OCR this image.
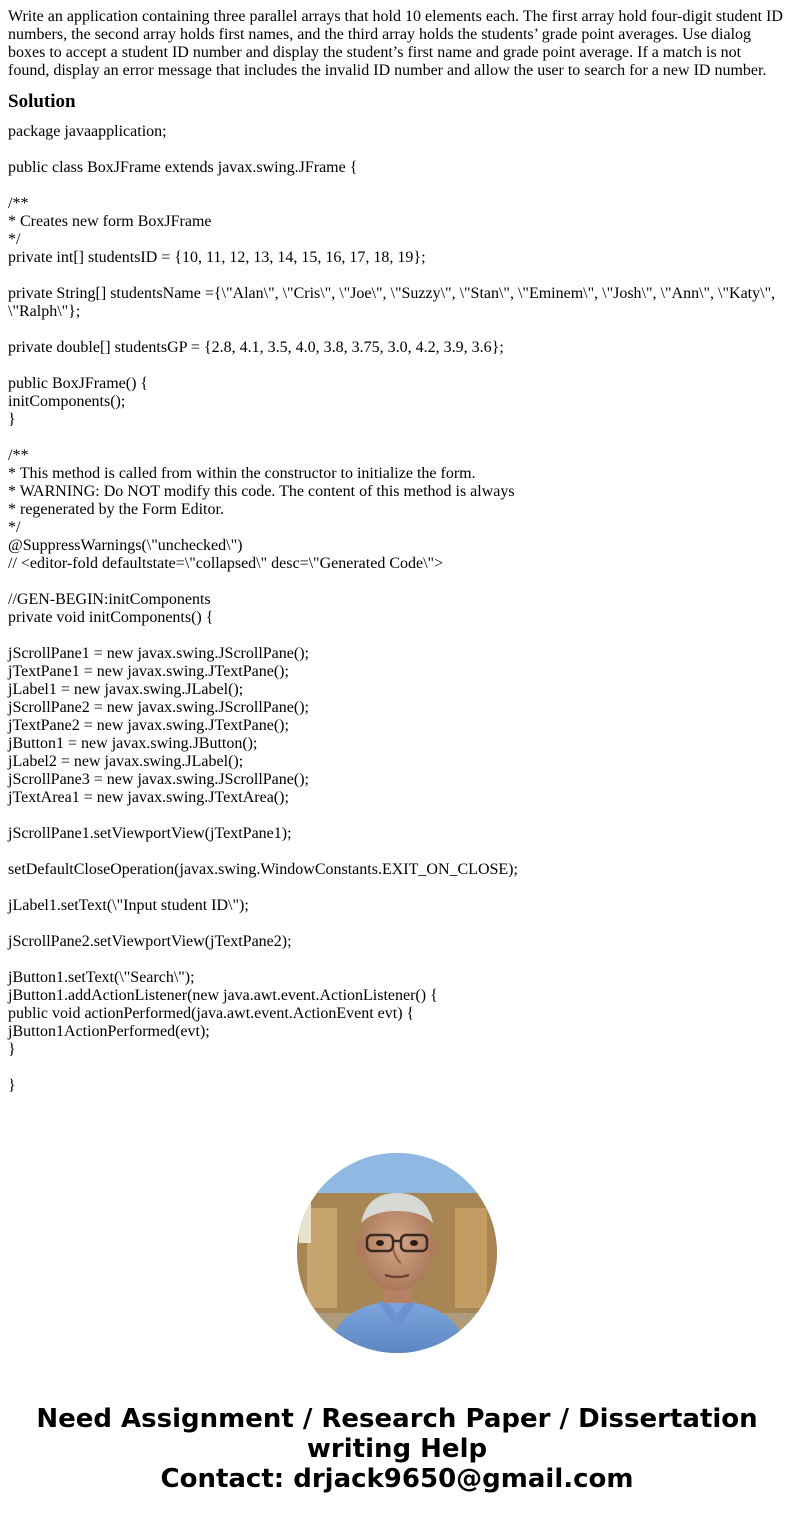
Write an application containing three parallel arrays that hold 10 elements each. The first array hold four-digit student ID numbers, the second array holds first names, and the third array holds the students’ grade point averages. Use dialog boxes to accept a student ID number and display the student’s first name and grade point average. If a match is not found, display an error message that includes the invalid ID number and allow the user to search for a new ID number.

Solution
package javaapplication;
public class BoxJFrame extends javax.swing.JFrame {
/**
* Creates new form BoxJFrame
*/
private int[] studentsID = {10, 11, 12, 13, 14, 15, 16, 17, 18, 19};
private String[] studentsName ={\"Alan\", \"Cris\", \"Joe\", \"Suzzy\", \"Stan\", \"Eminem\", \"Josh\", \"Ann\", \"Katy\", \"Ralph\"};
private double[] studentsGP = {2.8, 4.1, 3.5, 4.0, 3.8, 3.75, 3.0, 4.2, 3.9, 3.6};
public BoxJFrame() {
initComponents();
}
/**
* This method is called from within the constructor to initialize the form.
* WARNING: Do NOT modify this code. The content of this method is always
* regenerated by the Form Editor.
*/
@SuppressWarnings(\"unchecked\")
// <editor-fold defaultstate=\"collapsed\" desc=\"Generated Code\">
//GEN-BEGIN:initComponents
private void initComponents() {
jScrollPane1 = new javax.swing.JScrollPane();
jTextPane1 = new javax.swing.JTextPane();
jLabel1 = new javax.swing.JLabel();
jScrollPane2 = new javax.swing.JScrollPane();
jTextPane2 = new javax.swing.JTextPane();
jButton1 = new javax.swing.JButton();
jLabel2 = new javax.swing.JLabel();
jScrollPane3 = new javax.swing.JScrollPane();
jTextArea1 = new javax.swing.JTextArea();
jScrollPane1.setViewportView(jTextPane1);
setDefaultCloseOperation(javax.swing.WindowConstants.EXIT_ON_CLOSE);
jLabel1.setText(\"Input student ID\");
jScrollPane2.setViewportView(jTextPane2);
jButton1.setText(\"Search\");
jButton1.addActionListener(new java.awt.event.ActionListener() {
public void actionPerformed(java.awt.event.ActionEvent evt) {
jButton1ActionPerformed(evt);
}
}
Need Assignment / Research Paper / Dissertation
writing Help
Contact: drjack9650@gmail.com
